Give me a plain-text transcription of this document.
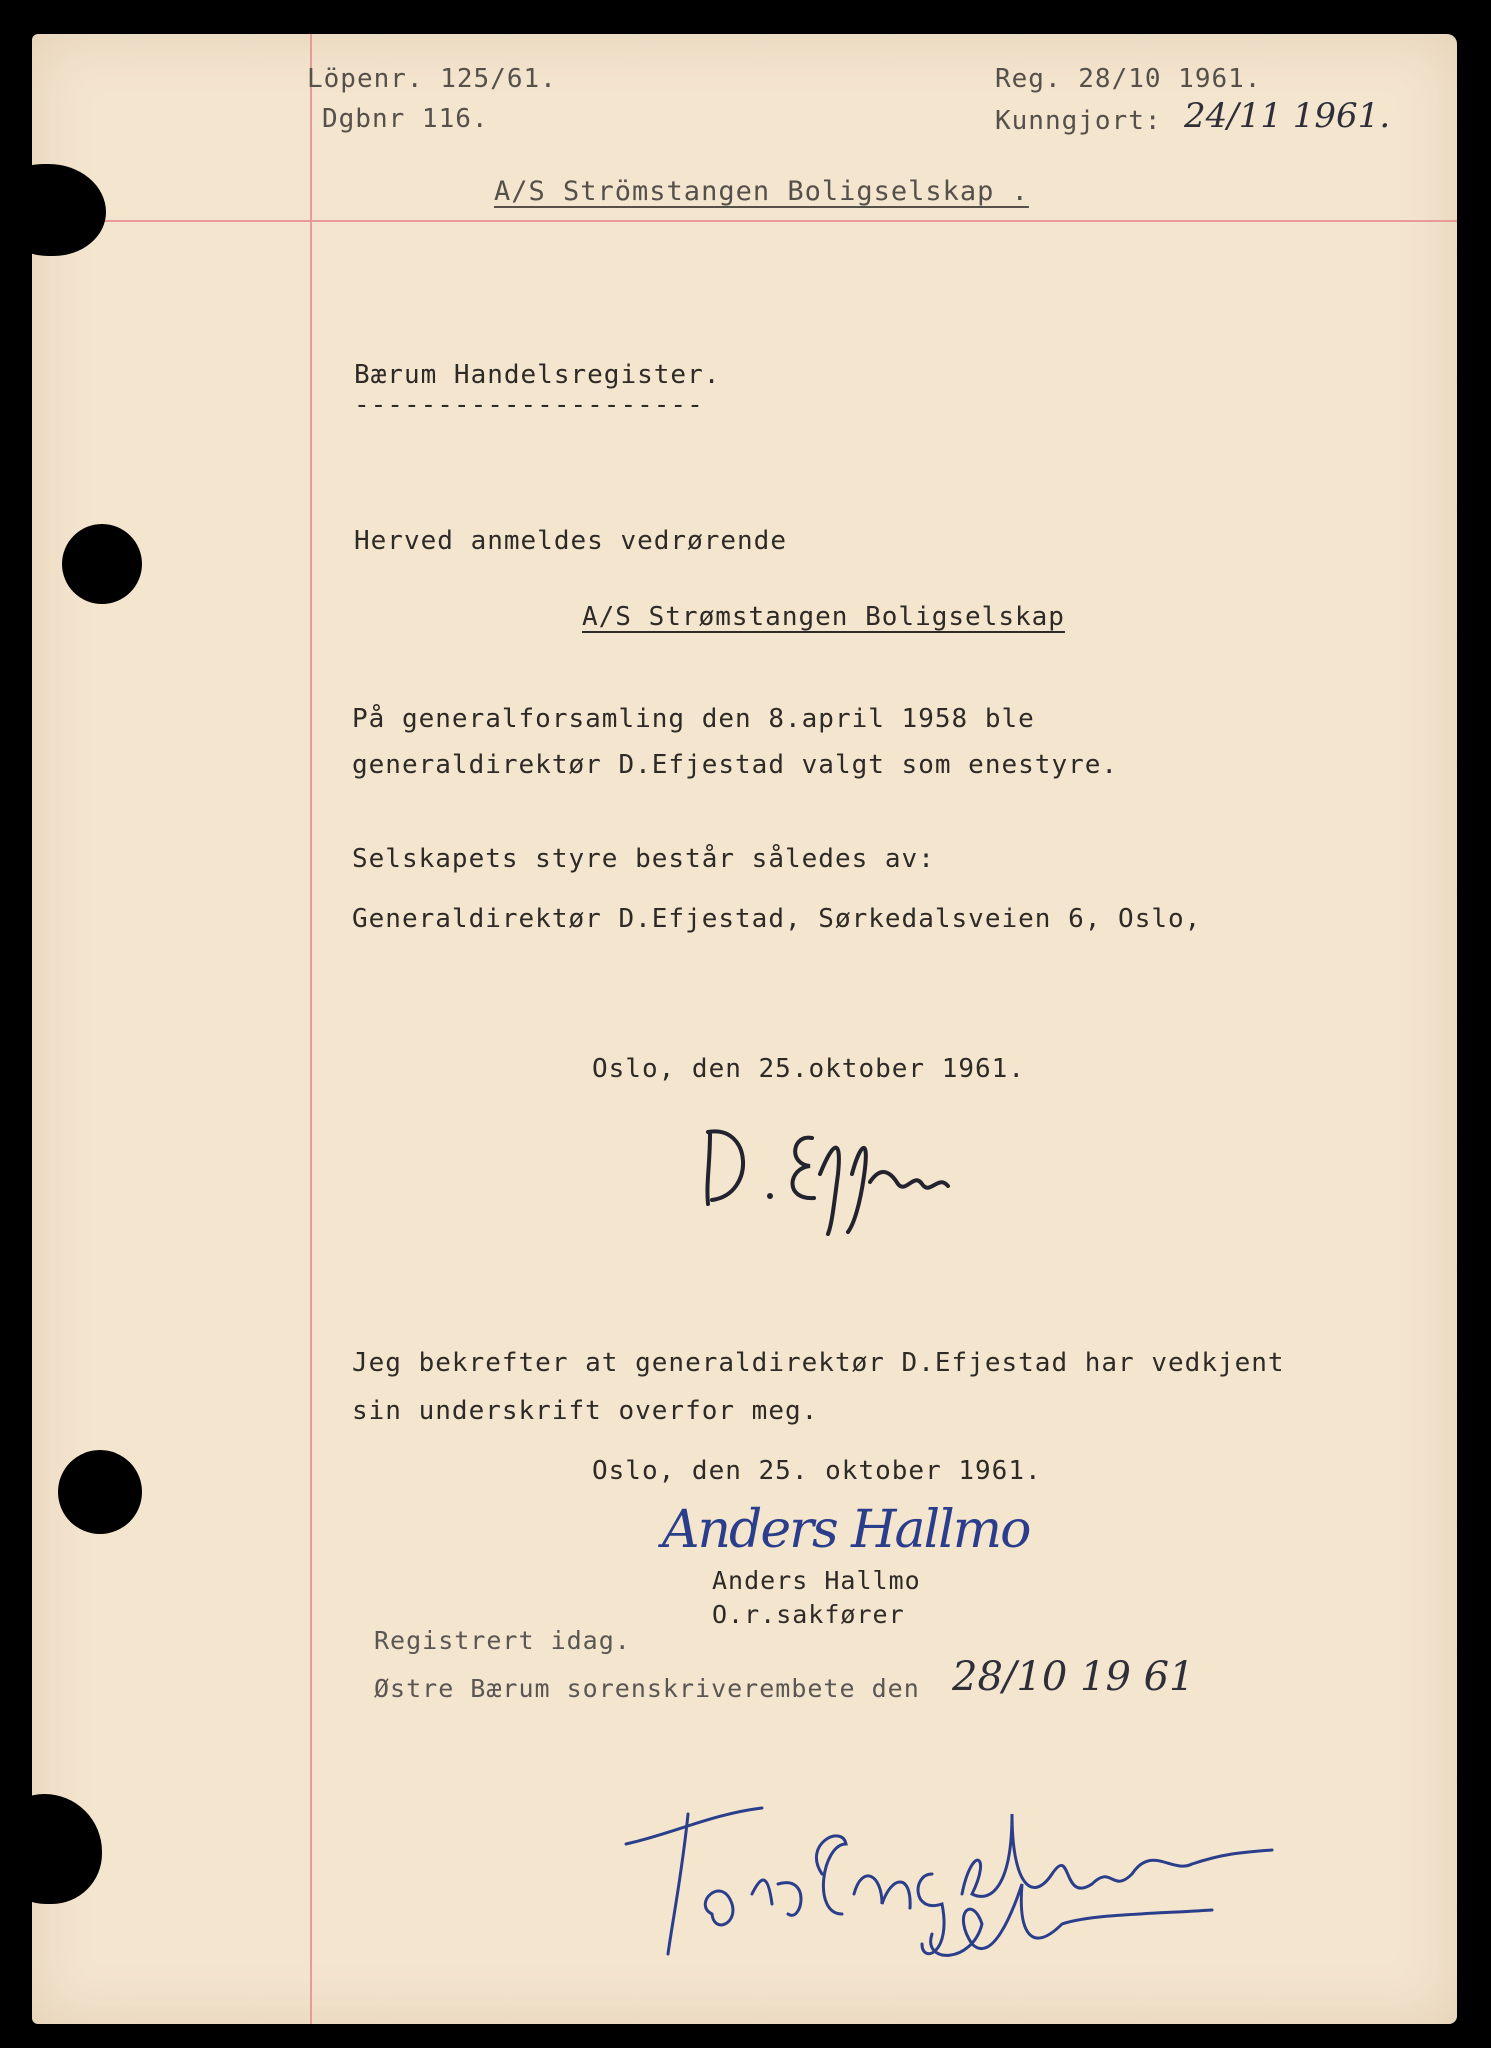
Löpenr. 125/61.
Dgbnr 116.
Reg. 28/10 1961.
Kunngjort: 24/11 1961.
A/S Strömstangen Boligselskap .
Bærum Handelsregister.
---------------------
Herved anmeldes vedrørende
A/S Strømstangen Boligselskap
På generalforsamling den 8.april 1958 ble
generaldirektør D.Efjestad valgt som enestyre.
Selskapets styre består således av:
Generaldirektør D.Efjestad, Sørkedalsveien 6, Oslo,
Oslo, den 25.oktober 1961.
Jeg bekrefter at generaldirektør D.Efjestad har vedkjent
sin underskrift overfor meg.
Oslo, den 25. oktober 1961.
Anders Hallmo
Anders Hallmo
O.r.sakfører
Registrert idag.
Østre Bærum sorenskriverembete den 28/10 19 61
